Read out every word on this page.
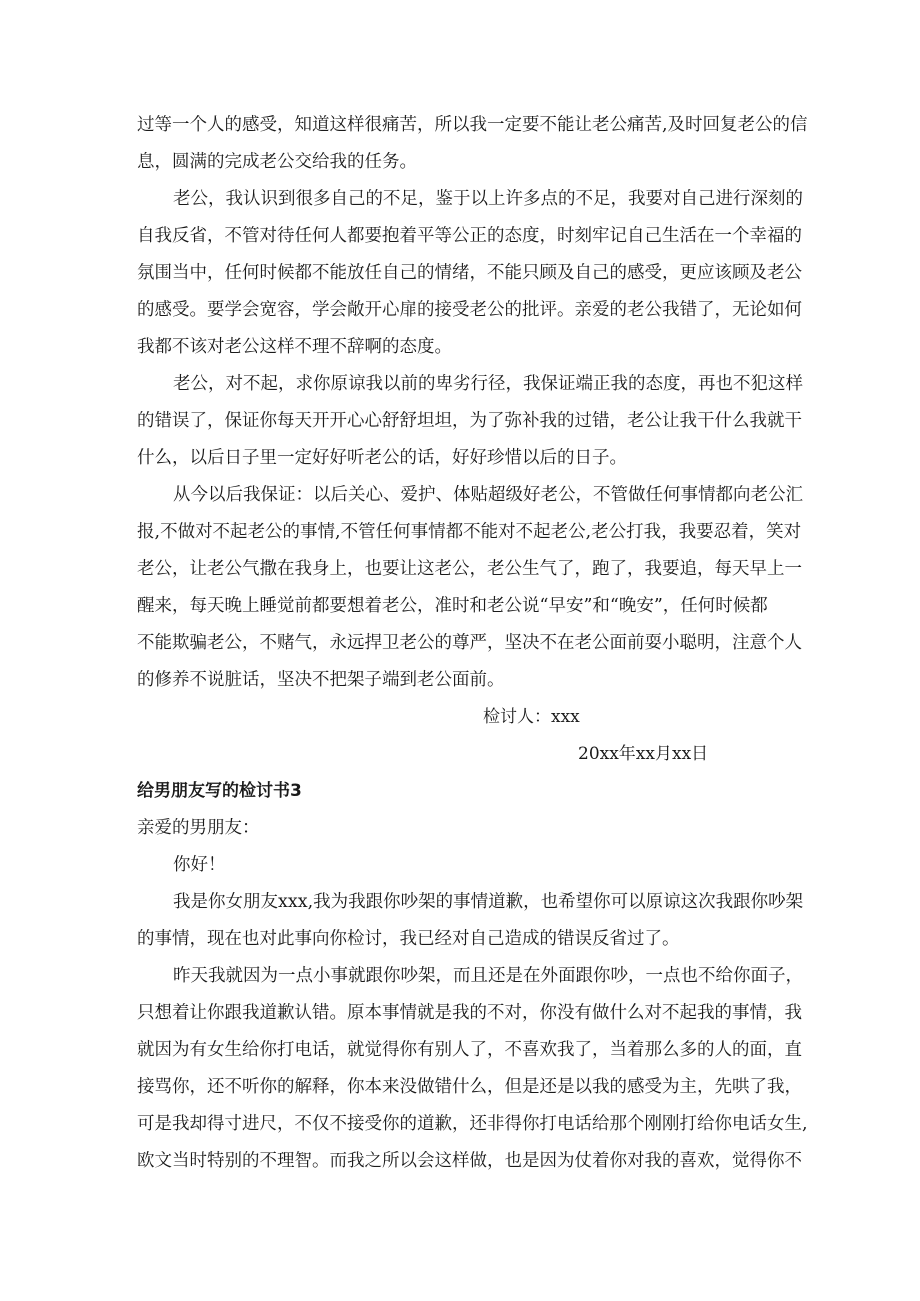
过等一个人的感受，知道这样很痛苦，所以我一定要不能让老公痛苦,及时回复老公的信
息，圆满的完成老公交给我的任务。
老公，我认识到很多自己的不足，鉴于以上许多点的不足，我要对自己进行深刻的
自我反省，不管对待任何人都要抱着平等公正的态度，时刻牢记自己生活在一个幸福的
氛围当中，任何时候都不能放任自己的情绪，不能只顾及自己的感受，更应该顾及老公
的感受。要学会宽容，学会敞开心扉的接受老公的批评。亲爱的老公我错了，无论如何
我都不该对老公这样不理不辞啊的态度。
老公，对不起，求你原谅我以前的卑劣行径，我保证端正我的态度，再也不犯这样
的错误了，保证你每天开开心心舒舒坦坦，为了弥补我的过错，老公让我干什么我就干
什么，以后日子里一定好好听老公的话，好好珍惜以后的日子。
从今以后我保证：以后关心、爱护、体贴超级好老公，不管做任何事情都向老公汇
报,不做对不起老公的事情,不管任何事情都不能对不起老公,老公打我，我要忍着，笑对
老公，让老公气撒在我身上，也要让这老公，老公生气了，跑了，我要追，每天早上一
醒来，每天晚上睡觉前都要想着老公，准时和老公说“早安”和“晚安”，任何时候都
不能欺骗老公，不赌气，永远捍卫老公的尊严，坚决不在老公面前耍小聪明，注意个人
的修养不说脏话，坚决不把架子端到老公面前。
检讨人：xxx
20xx年xx月xx日
给男朋友写的检讨书3
亲爱的男朋友：
你好！
我是你女朋友xxx,我为我跟你吵架的事情道歉，也希望你可以原谅这次我跟你吵架
的事情，现在也对此事向你检讨，我已经对自己造成的错误反省过了。
昨天我就因为一点小事就跟你吵架，而且还是在外面跟你吵，一点也不给你面子，
只想着让你跟我道歉认错。原本事情就是我的不对，你没有做什么对不起我的事情，我
就因为有女生给你打电话，就觉得你有别人了，不喜欢我了，当着那么多的人的面，直
接骂你，还不听你的解释，你本来没做错什么，但是还是以我的感受为主，先哄了我，
可是我却得寸进尺，不仅不接受你的道歉，还非得你打电话给那个刚刚打给你电话女生,
欧文当时特别的不理智。而我之所以会这样做，也是因为仗着你对我的喜欢，觉得你不
